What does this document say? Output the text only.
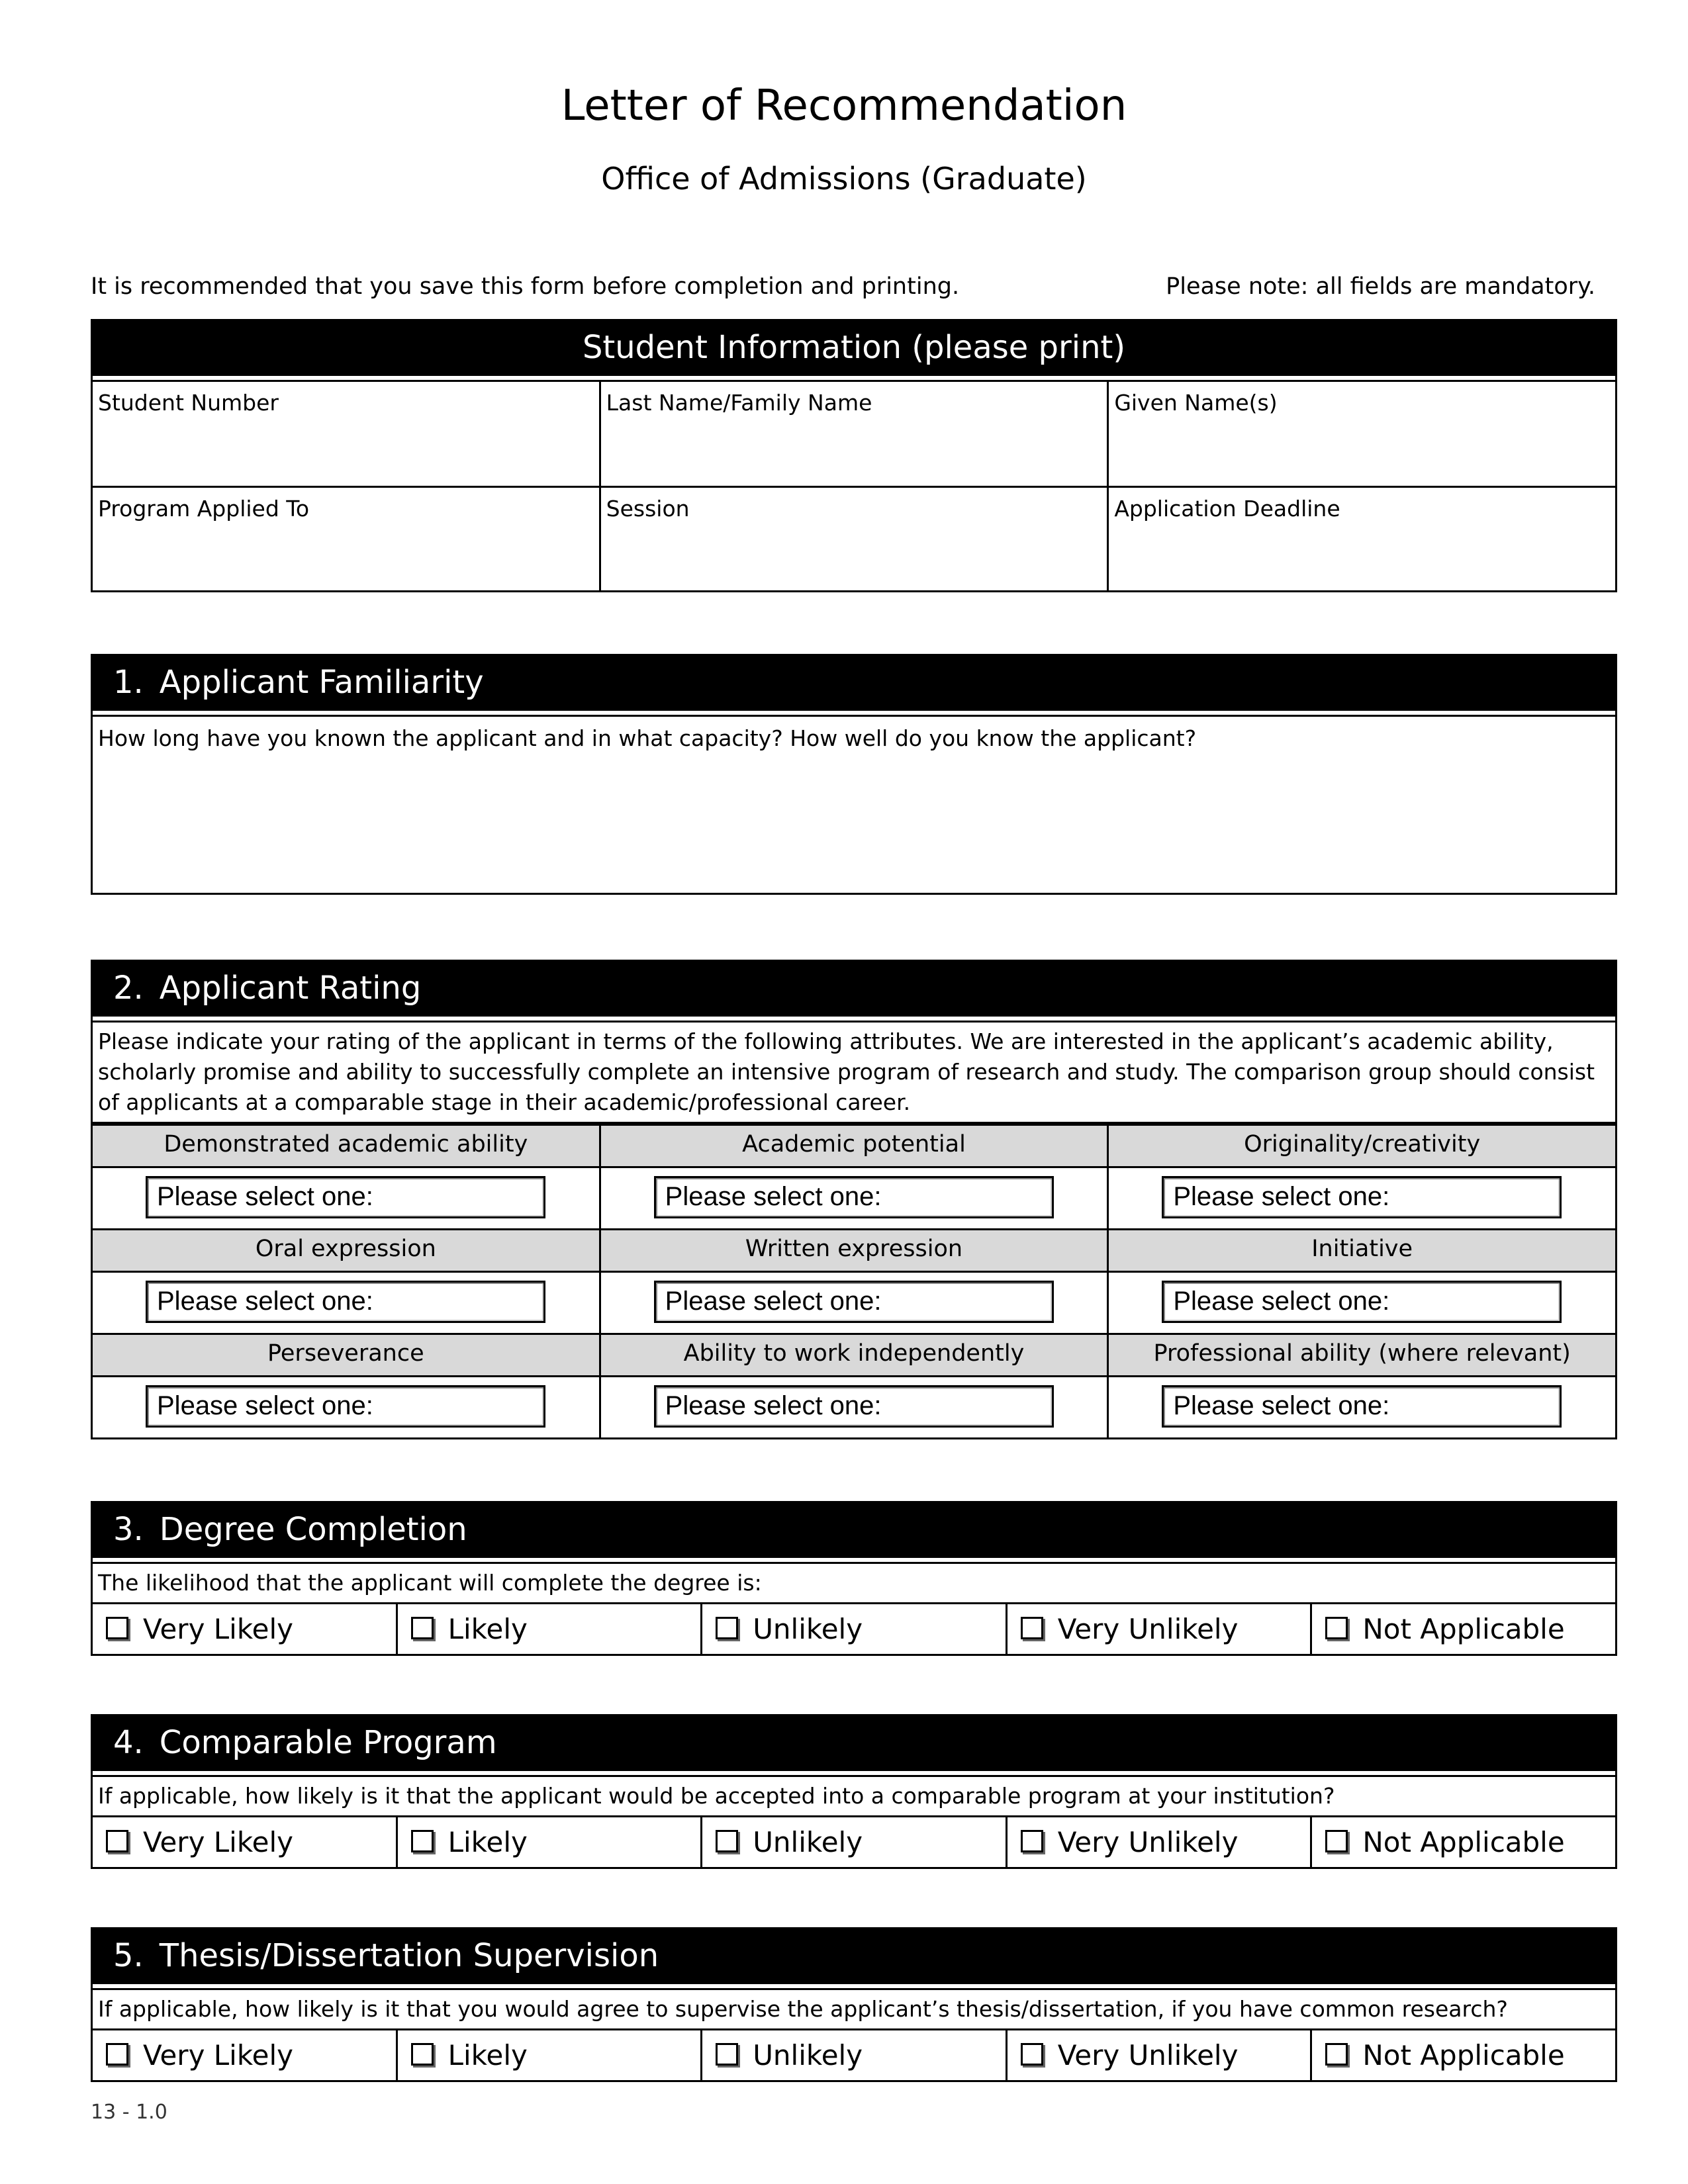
Letter of Recommendation
Office of Admissions (Graduate)
It is recommended that you save this form before completion and printing.	Please note: all fields are mandatory.
Student Information (please print)
Student Number	Last Name/Family Name	Given Name(s)
Program Applied To	Session	Application Deadline
1. Applicant Familiarity
How long have you known the applicant and in what capacity? How well do you know the applicant?
2. Applicant Rating
Please indicate your rating of the applicant in terms of the following attributes. We are interested in the applicant’s academic ability, scholarly promise and ability to successfully complete an intensive program of research and study. The comparison group should consist of applicants at a comparable stage in their academic/professional career.
Demonstrated academic ability	Academic potential	Originality/creativity

Please select one:	Please select one:	Please select one:

Oral expression	Written expression	Initiative

Please select one:	Please select one:	Please select one:

Perseverance	Ability to work independently	Professional ability (where relevant)

Please select one:	Please select one:	Please select one:
3. Degree Completion
The likelihood that the applicant will complete the degree is:
Very Likely	Likely	Unlikely	Very Unlikely	Not Applicable
4. Comparable Program
If applicable, how likely is it that the applicant would be accepted into a comparable program at your institution?
Very Likely	Likely	Unlikely	Very Unlikely	Not Applicable
5. Thesis/Dissertation Supervision
If applicable, how likely is it that you would agree to supervise the applicant’s thesis/dissertation, if you have common research?
Very Likely	Likely	Unlikely	Very Unlikely	Not Applicable
13 - 1.0
